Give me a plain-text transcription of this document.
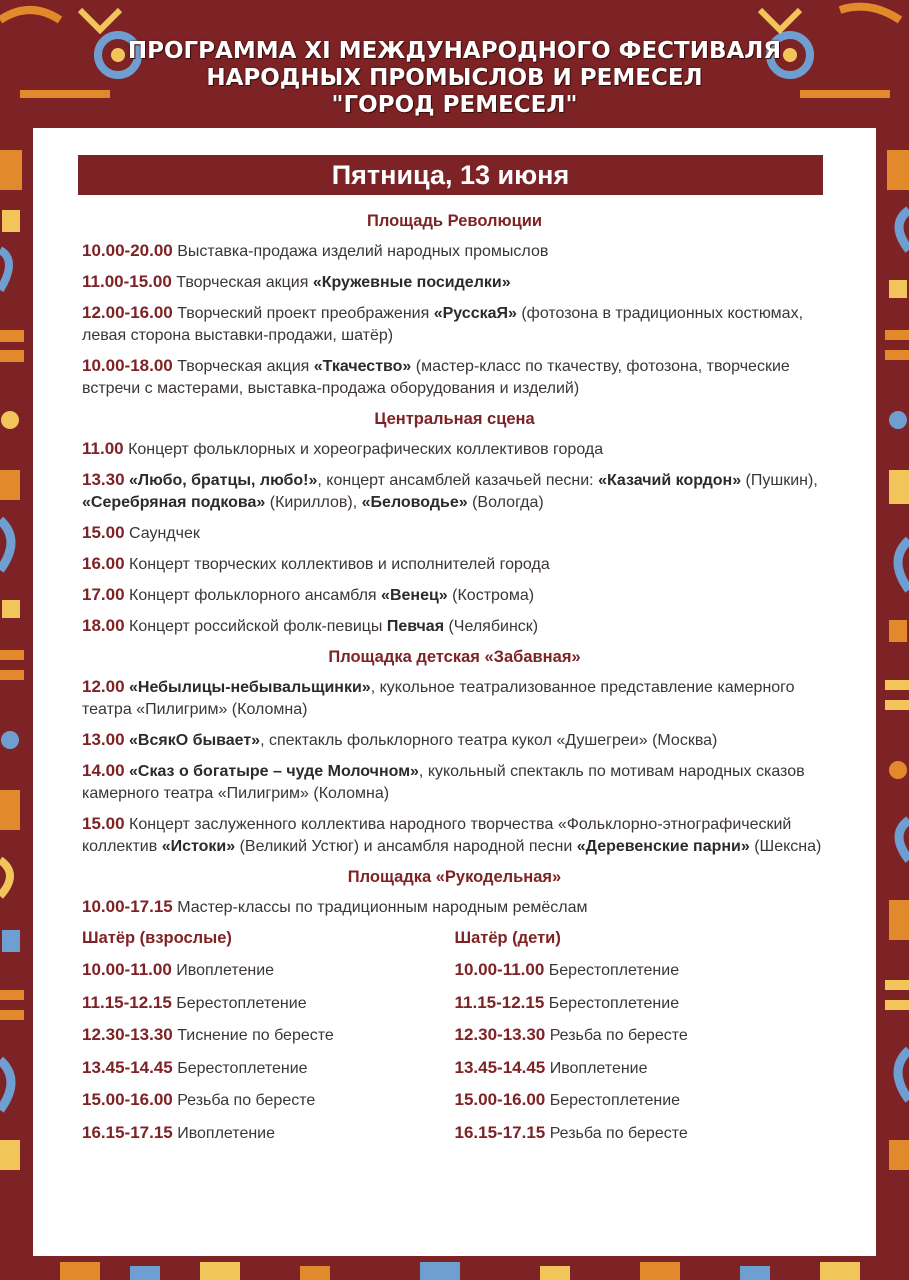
ПРОГРАММА XI МЕЖДУНАРОДНОГО ФЕСТИВАЛЯ
НАРОДНЫХ ПРОМЫСЛОВ И РЕМЕСЕЛ
"ГОРОД РЕМЕСЕЛ"
Пятница, 13 июня
Площадь Революции
10.00-20.00 Выставка-продажа изделий народных промыслов
11.00-15.00 Творческая акция «Кружевные посиделки»
12.00-16.00 Творческий проект преображения «РусскаЯ» (фотозона в традиционных костюмах, левая сторона выставки-продажи, шатёр)
10.00-18.00 Творческая акция «Ткачество» (мастер-класс по ткачеству, фотозона, творческие встречи с мастерами, выставка-продажа оборудования и изделий)
Центральная сцена
11.00 Концерт фольклорных и хореографических коллективов города
13.30 «Любо, братцы, любо!», концерт ансамблей казачьей песни: «Казачий кордон» (Пушкин), «Серебряная подкова» (Кириллов), «Беловодье» (Вологда)
15.00 Саундчек
16.00 Концерт творческих коллективов и исполнителей города
17.00 Концерт фольклорного ансамбля «Венец» (Кострома)
18.00 Концерт российской фолк-певицы Певчая (Челябинск)
Площадка детская «Забавная»
12.00 «Небылицы-небывальщинки», кукольное театрализованное представление камерного театра «Пилигрим» (Коломна)
13.00 «ВсякО бывает», спектакль фольклорного театра кукол «Душегреи» (Москва)
14.00 «Сказ о богатыре – чуде Молочном», кукольный спектакль по мотивам народных сказов камерного театра «Пилигрим» (Коломна)
15.00 Концерт заслуженного коллектива народного творчества «Фольклорно-этнографический коллектив «Истоки» (Великий Устюг) и ансамбля народной песни «Деревенские парни» (Шексна)
Площадка «Рукодельная»
10.00-17.15 Мастер-классы по традиционным народным ремёслам
Шатёр (взрослые)
10.00-11.00 Ивоплетение
11.15-12.15 Берестоплетение
12.30-13.30 Тиснение по бересте
13.45-14.45 Берестоплетение
15.00-16.00 Резьба по бересте
16.15-17.15 Ивоплетение
Шатёр (дети)
10.00-11.00 Берестоплетение
11.15-12.15 Берестоплетение
12.30-13.30 Резьба по бересте
13.45-14.45 Ивоплетение
15.00-16.00 Берестоплетение
16.15-17.15 Резьба по бересте
